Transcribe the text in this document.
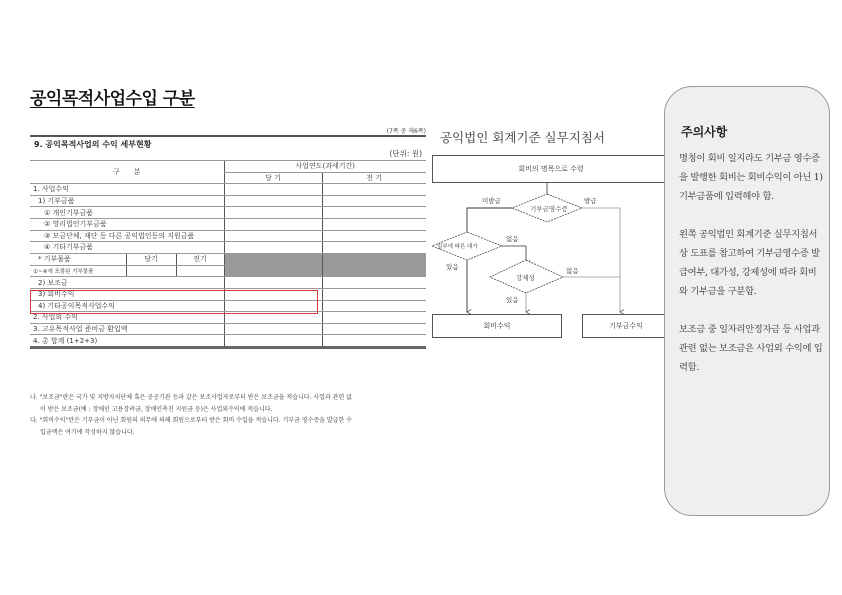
공익목적사업수입 구분
(7쪽 중 제6쪽)
9. 공익목적사업의 수익 세부현황
(단위: 원)
구　　분			사업연도(과세기간)	
			당 기	전 기
1. 사업수익				
1) 기부금품				
① 개인기부금품				
② 영리법인기부금품				
③ 모금단체, 재단 등 다른 공익법인등의 지원금품				
④ 기타기부금품				
* 기부물품	당기	전기		
①~④에 포함된 기부물품				
2) 보조금				
3) 회비수익				
4) 기타공익목적사업수익				
2. 사업외 수익				
3. 고유목적사업 준비금 환입액				
4. 총 합계 (1+2+3)				

나. "보조금"란은 국가 및 지방자치단체 혹은 공공기관 등과 같은 보조사업자로부터 받은 보조금을 적습니다. 사업과 관련 없

이 받은 보조금(예 : 장애인 고용장려금, 장애인촉진 지원금 등)은 사업외수익에 적습니다.

다. "회비수익"란은 기부금이 아닌 회원의 의무에 의해 회원으로부터 받은 회비 수입을 적습니다. 기부금 영수증을 발급한 수

입금액은 여기에 작성하지 않습니다.

공익법인 회계기준 실무지침서
회비의 명목으로 수령
기부금영수증
미발급	발급
일부에 따른 대가
없음
있음
강제성
없음
있음
회비수익	기부금수익
주의사항

명칭이 회비 일지라도 기부금 영수증을 발행한 회비는 회비수익이 아닌 1) 기부금품에 입력해야 함.

왼쪽 공익법인 회계기준 실무지침서상 도표를 참고하여 기부금영수증 발급여부, 대가성, 강제성에 따라 회비와 기부금을 구분함.

보조금 중 일자리안정자금 등 사업과 관련 없는 보조금은 사업외 수익에 입력함.
